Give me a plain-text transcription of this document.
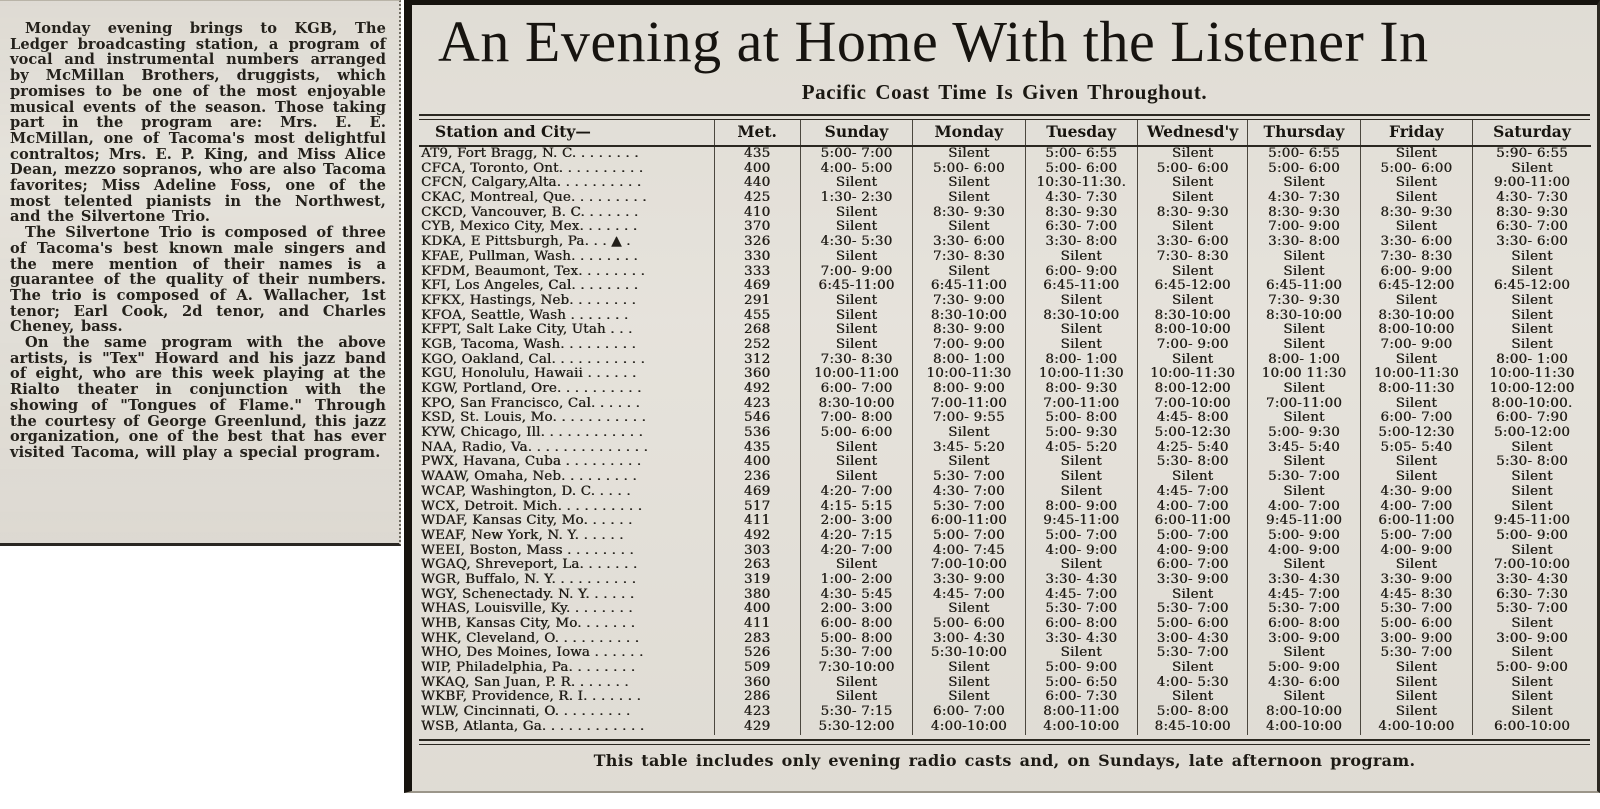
Monday evening brings to KGB, The Ledger broadcasting station, a program of vocal and instrumental numbers arranged by McMillan Brothers, druggists, which promises to be one of the most enjoyable musical events of the season. Those taking part in the program are: Mrs. E. E. McMillan, one of Tacoma's most delightful contraltos; Mrs. E. P. King, and Miss Alice Dean, mezzo sopranos, who are also Tacoma favorites; Miss Adeline Foss, one of the most telented pianists in the Northwest, and the Silvertone Trio.

The Silvertone Trio is composed of three of Tacoma's best known male singers and the mere mention of their names is a guarantee of the quality of their numbers. The trio is composed of A. Wallacher, 1st tenor; Earl Cook, 2d tenor, and Charles Cheney, bass.

On the same program with the above artists, is "Tex" Howard and his jazz band of eight, who are this week playing at the Rialto theater in conjunction with the showing of "Tongues of Flame." Through the courtesy of George Greenlund, this jazz organization, one of the best that has ever visited Tacoma, will play a special program.

An Evening at Home With the Listener In
Pacific Coast Time Is Given Throughout.
Station and City—	Met.	Sunday	Monday	Tuesday	Wednesd'y	Thursday	Friday	Saturday
AT9, Fort Bragg, N. C. . . . . . . .	435	5:00- 7:00	Silent	5:00- 6:55	Silent	5:00- 6:55	Silent	5:90- 6:55
CFCA, Toronto, Ont. . . . . . . . . .	400	4:00- 5:00	5:00- 6:00	5:00- 6:00	5:00- 6:00	5:00- 6:00	5:00- 6:00	Silent
CFCN, Calgary,Alta. . . . . . . . . .	440	Silent	Silent	10:30-11:30.	Silent	Silent	Silent	9:00-11:00
CKAC, Montreal, Que. . . . . . . . .	425	1:30- 2:30	Silent	4:30- 7:30	Silent	4:30- 7:30	Silent	4:30- 7:30
CKCD, Vancouver, B. C. . . . . . .	410	Silent	8:30- 9:30	8:30- 9:30	8:30- 9:30	8:30- 9:30	8:30- 9:30	8:30- 9:30
CYB, Mexico City, Mex. . . . . . .	370	Silent	Silent	6:30- 7:00	Silent	7:00- 9:00	Silent	6:30- 7:00
KDKA, E Pittsburgh, Pa. . . ▲ .	326	4:30- 5:30	3:30- 6:00	3:30- 8:00	3:30- 6:00	3:30- 8:00	3:30- 6:00	3:30- 6:00
KFAE, Pullman, Wash. . . . . . . .	330	Silent	7:30- 8:30	Silent	7:30- 8:30	Silent	7:30- 8:30	Silent
KFDM, Beaumont, Tex. . . . . . . .	333	7:00- 9:00	Silent	6:00- 9:00	Silent	Silent	6:00- 9:00	Silent
KFI, Los Angeles, Cal. . . . . . . .	469	6:45-11:00	6:45-11:00	6:45-11:00	6:45-12:00	6:45-11:00	6:45-12:00	6:45-12:00
KFKX, Hastings, Neb. . . . . . . .	291	Silent	7:30- 9:00	Silent	Silent	7:30- 9:30	Silent	Silent
KFOA, Seattle, Wash . . . . . . .	455	Silent	8:30-10:00	8:30-10:00	8:30-10:00	8:30-10:00	8:30-10:00	Silent
KFPT, Salt Lake City, Utah . . .	268	Silent	8:30- 9:00	Silent	8:00-10:00	Silent	8:00-10:00	Silent
KGB, Tacoma, Wash. . . . . . . . .	252	Silent	7:00- 9:00	Silent	7:00- 9:00	Silent	7:00- 9:00	Silent
KGO, Oakland, Cal. . . . . . . . . . .	312	7:30- 8:30	8:00- 1:00	8:00- 1:00	Silent	8:00- 1:00	Silent	8:00- 1:00
KGU, Honolulu, Hawaii . . . . . .	360	10:00-11:00	10:00-11:30	10:00-11:30	10:00-11:30	10:00 11:30	10:00-11:30	10:00-11:30
KGW, Portland, Ore. . . . . . . . . .	492	6:00- 7:00	8:00- 9:00	8:00- 9:30	8:00-12:00	Silent	8:00-11:30	10:00-12:00
KPO, San Francisco, Cal. . . . . .	423	8:30-10:00	7:00-11:00	7:00-11:00	7:00-10:00	7:00-11:00	Silent	8:00-10:00.
KSD, St. Louis, Mo. . . . . . . . . . .	546	7:00- 8:00	7:00- 9:55	5:00- 8:00	4:45- 8:00	Silent	6:00- 7:00	6:00- 7:90
KYW, Chicago, Ill. . . . . . . . . . . .	536	5:00- 6:00	Silent	5:00- 9:30	5:00-12:30	5:00- 9:30	5:00-12:30	5:00-12:00
NAA, Radio, Va. . . . . . . . . . . . . .	435	Silent	3:45- 5:20	4:05- 5:20	4:25- 5:40	3:45- 5:40	5:05- 5:40	Silent
PWX, Havana, Cuba . . . . . . . . .	400	Silent	Silent	Silent	5:30- 8:00	Silent	Silent	5:30- 8:00
WAAW, Omaha, Neb. . . . . . . . .	236	Silent	5:30- 7:00	Silent	Silent	5:30- 7:00	Silent	Silent
WCAP, Washington, D. C. . . . .	469	4:20- 7:00	4:30- 7:00	Silent	4:45- 7:00	Silent	4:30- 9:00	Silent
WCX, Detroit. Mich. . . . . . . . . .	517	4:15- 5:15	5:30- 7:00	8:00- 9:00	4:00- 7:00	4:00- 7:00	4:00- 7:00	Silent
WDAF, Kansas City, Mo. . . . . .	411	2:00- 3:00	6:00-11:00	9:45-11:00	6:00-11:00	9:45-11:00	6:00-11:00	9:45-11:00
WEAF, New York, N. Y. . . . . .	492	4:20- 7:15	5:00- 7:00	5:00- 7:00	5:00- 7:00	5:00- 9:00	5:00- 7:00	5:00- 9:00
WEEI, Boston, Mass . . . . . . . .	303	4:20- 7:00	4:00- 7:45	4:00- 9:00	4:00- 9:00	4:00- 9:00	4:00- 9:00	Silent
WGAQ, Shreveport, La. . . . . . .	263	Silent	7:00-10:00	Silent	6:00- 7:00	Silent	Silent	7:00-10:00
WGR, Buffalo, N. Y. . . . . . . . . .	319	1:00- 2:00	3:30- 9:00	3:30- 4:30	3:30- 9:00	3:30- 4:30	3:30- 9:00	3:30- 4:30
WGY, Schenectady. N. Y. . . . . .	380	4:30- 5:45	4:45- 7:00	4:45- 7:00	Silent	4:45- 7:00	4:45- 8:30	6:30- 7:30
WHAS, Louisville, Ky. . . . . . . .	400	2:00- 3:00	Silent	5:30- 7:00	5:30- 7:00	5:30- 7:00	5:30- 7:00	5:30- 7:00
WHB, Kansas City, Mo. . . . . . .	411	6:00- 8:00	5:00- 6:00	6:00- 8:00	5:00- 6:00	6:00- 8:00	5:00- 6:00	Silent
WHK, Cleveland, O. . . . . . . . . .	283	5:00- 8:00	3:00- 4:30	3:30- 4:30	3:00- 4:30	3:00- 9:00	3:00- 9:00	3:00- 9:00
WHO, Des Moines, Iowa . . . . . .	526	5:30- 7:00	5:30-10:00	Silent	5:30- 7:00	Silent	5:30- 7:00	Silent
WIP, Philadelphia, Pa. . . . . . . .	509	7:30-10:00	Silent	5:00- 9:00	Silent	5:00- 9:00	Silent	5:00- 9:00
WKAQ, San Juan, P. R. . . . . . .	360	Silent	Silent	5:00- 6:50	4:00- 5:30	4:30- 6:00	Silent	Silent
WKBF, Providence, R. I. . . . . . .	286	Silent	Silent	6:00- 7:30	Silent	Silent	Silent	Silent
WLW, Cincinnati, O. . . . . . . . .	423	5:30- 7:15	6:00- 7:00	8:00-11:00	5:00- 8:00	8:00-10:00	Silent	Silent
WSB, Atlanta, Ga. . . . . . . . . . . .	429	5:30-12:00	4:00-10:00	4:00-10:00	8:45-10:00	4:00-10:00	4:00-10:00	6:00-10:00
This table includes only evening radio casts and, on Sundays, late afternoon program.
